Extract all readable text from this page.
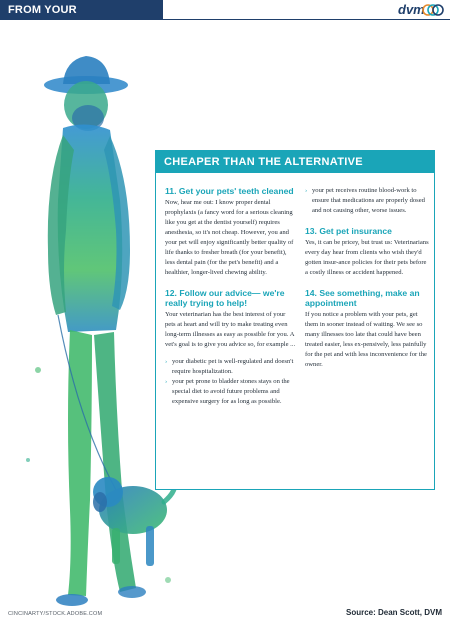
FROM YOUR VETERINARIAN
dvm
CHEAPER THAN THE ALTERNATIVE
11. Get your pets' teeth cleaned
Now, hear me out: I know proper dental prophylaxis (a fancy word for a serious cleaning like you get at the dentist yourself) requires anesthesia, so it's not cheap. However, you and your pet will enjoy significantly better quality of life thanks to fresher breath (for your benefit), less dental pain (for the pet's benefit) and a healthier, longer-lived chewing ability.
12. Follow our advice— we're really trying to help!
Your veterinarian has the best interest of your pets at heart and will try to make treating even long-term illnesses as easy as possible for you. A vet's goal is to give you advice so, for example ...
› your diabetic pet is well-regulated and doesn't require hospitalization.
› your pet prone to bladder stones stays on the special diet to avoid future problems and expensive surgery for as long as possible.
› your pet receives routine blood-work to ensure that medications are properly dosed and not causing other, worse issues.
13. Get pet insurance
Yes, it can be pricey, but trust us: Veterinarians every day hear from clients who wish they'd gotten insur-ance policies for their pets before a costly illness or accident happened.
14. See something, make an appointment
If you notice a problem with your pets, get them in sooner instead of waiting. We see so many illnesses too late that could have been treated easier, less ex-pensively, less painfully for the pet and with less inconvenience for the owner.
CINCINARTY/STOCK.ADOBE.COM	Source: Dean Scott, DVM
